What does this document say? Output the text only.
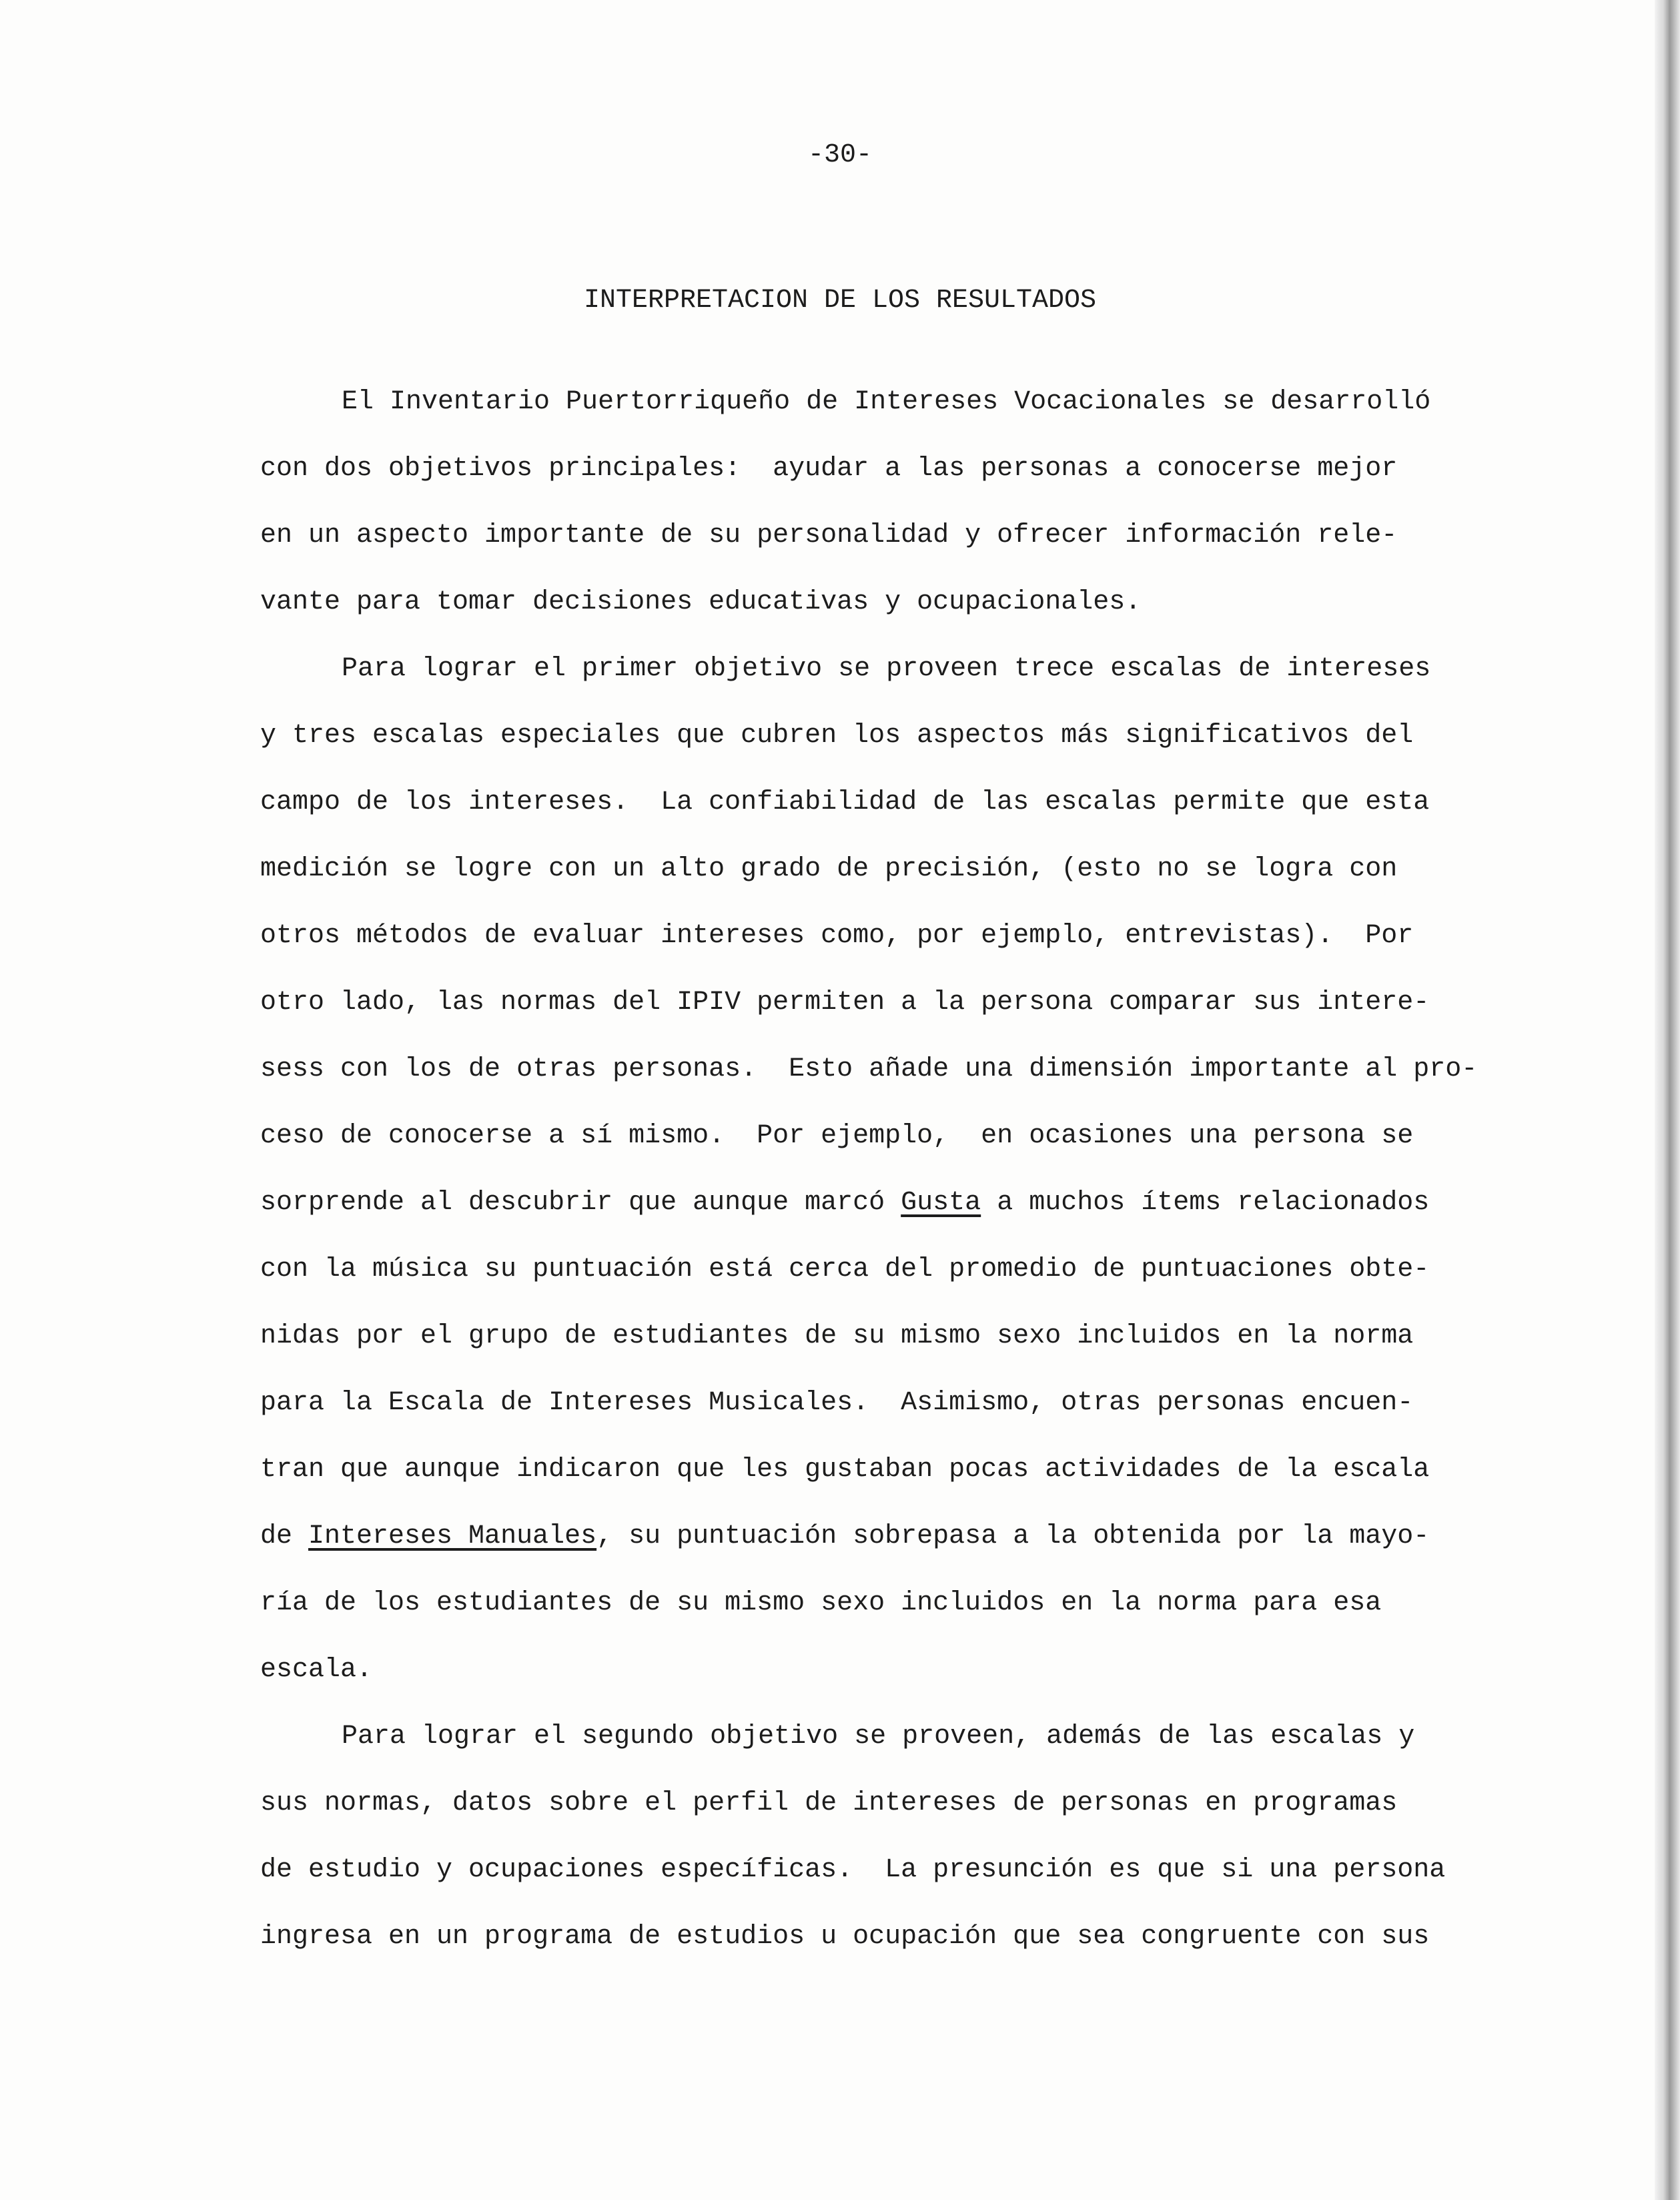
-30-
INTERPRETACION DE LOS RESULTADOS
El Inventario Puertorriqueño de Intereses Vocacionales se desarrolló
con dos objetivos principales:  ayudar a las personas a conocerse mejor
en un aspecto importante de su personalidad y ofrecer información rele-
vante para tomar decisiones educativas y ocupacionales.
Para lograr el primer objetivo se proveen trece escalas de intereses
y tres escalas especiales que cubren los aspectos más significativos del
campo de los intereses.  La confiabilidad de las escalas permite que esta
medición se logre con un alto grado de precisión, (esto no se logra con
otros métodos de evaluar intereses como, por ejemplo, entrevistas).  Por
otro lado, las normas del IPIV permiten a la persona comparar sus intere-
sess con los de otras personas.  Esto añade una dimensión importante al pro-
ceso de conocerse a sí mismo.  Por ejemplo,  en ocasiones una persona se
sorprende al descubrir que aunque marcó Gusta a muchos ítems relacionados
con la música su puntuación está cerca del promedio de puntuaciones obte-
nidas por el grupo de estudiantes de su mismo sexo incluidos en la norma
para la Escala de Intereses Musicales.  Asimismo, otras personas encuen-
tran que aunque indicaron que les gustaban pocas actividades de la escala
de Intereses Manuales, su puntuación sobrepasa a la obtenida por la mayo-
ría de los estudiantes de su mismo sexo incluidos en la norma para esa
escala.
Para lograr el segundo objetivo se proveen, además de las escalas y
sus normas, datos sobre el perfil de intereses de personas en programas
de estudio y ocupaciones específicas.  La presunción es que si una persona
ingresa en un programa de estudios u ocupación que sea congruente con sus
